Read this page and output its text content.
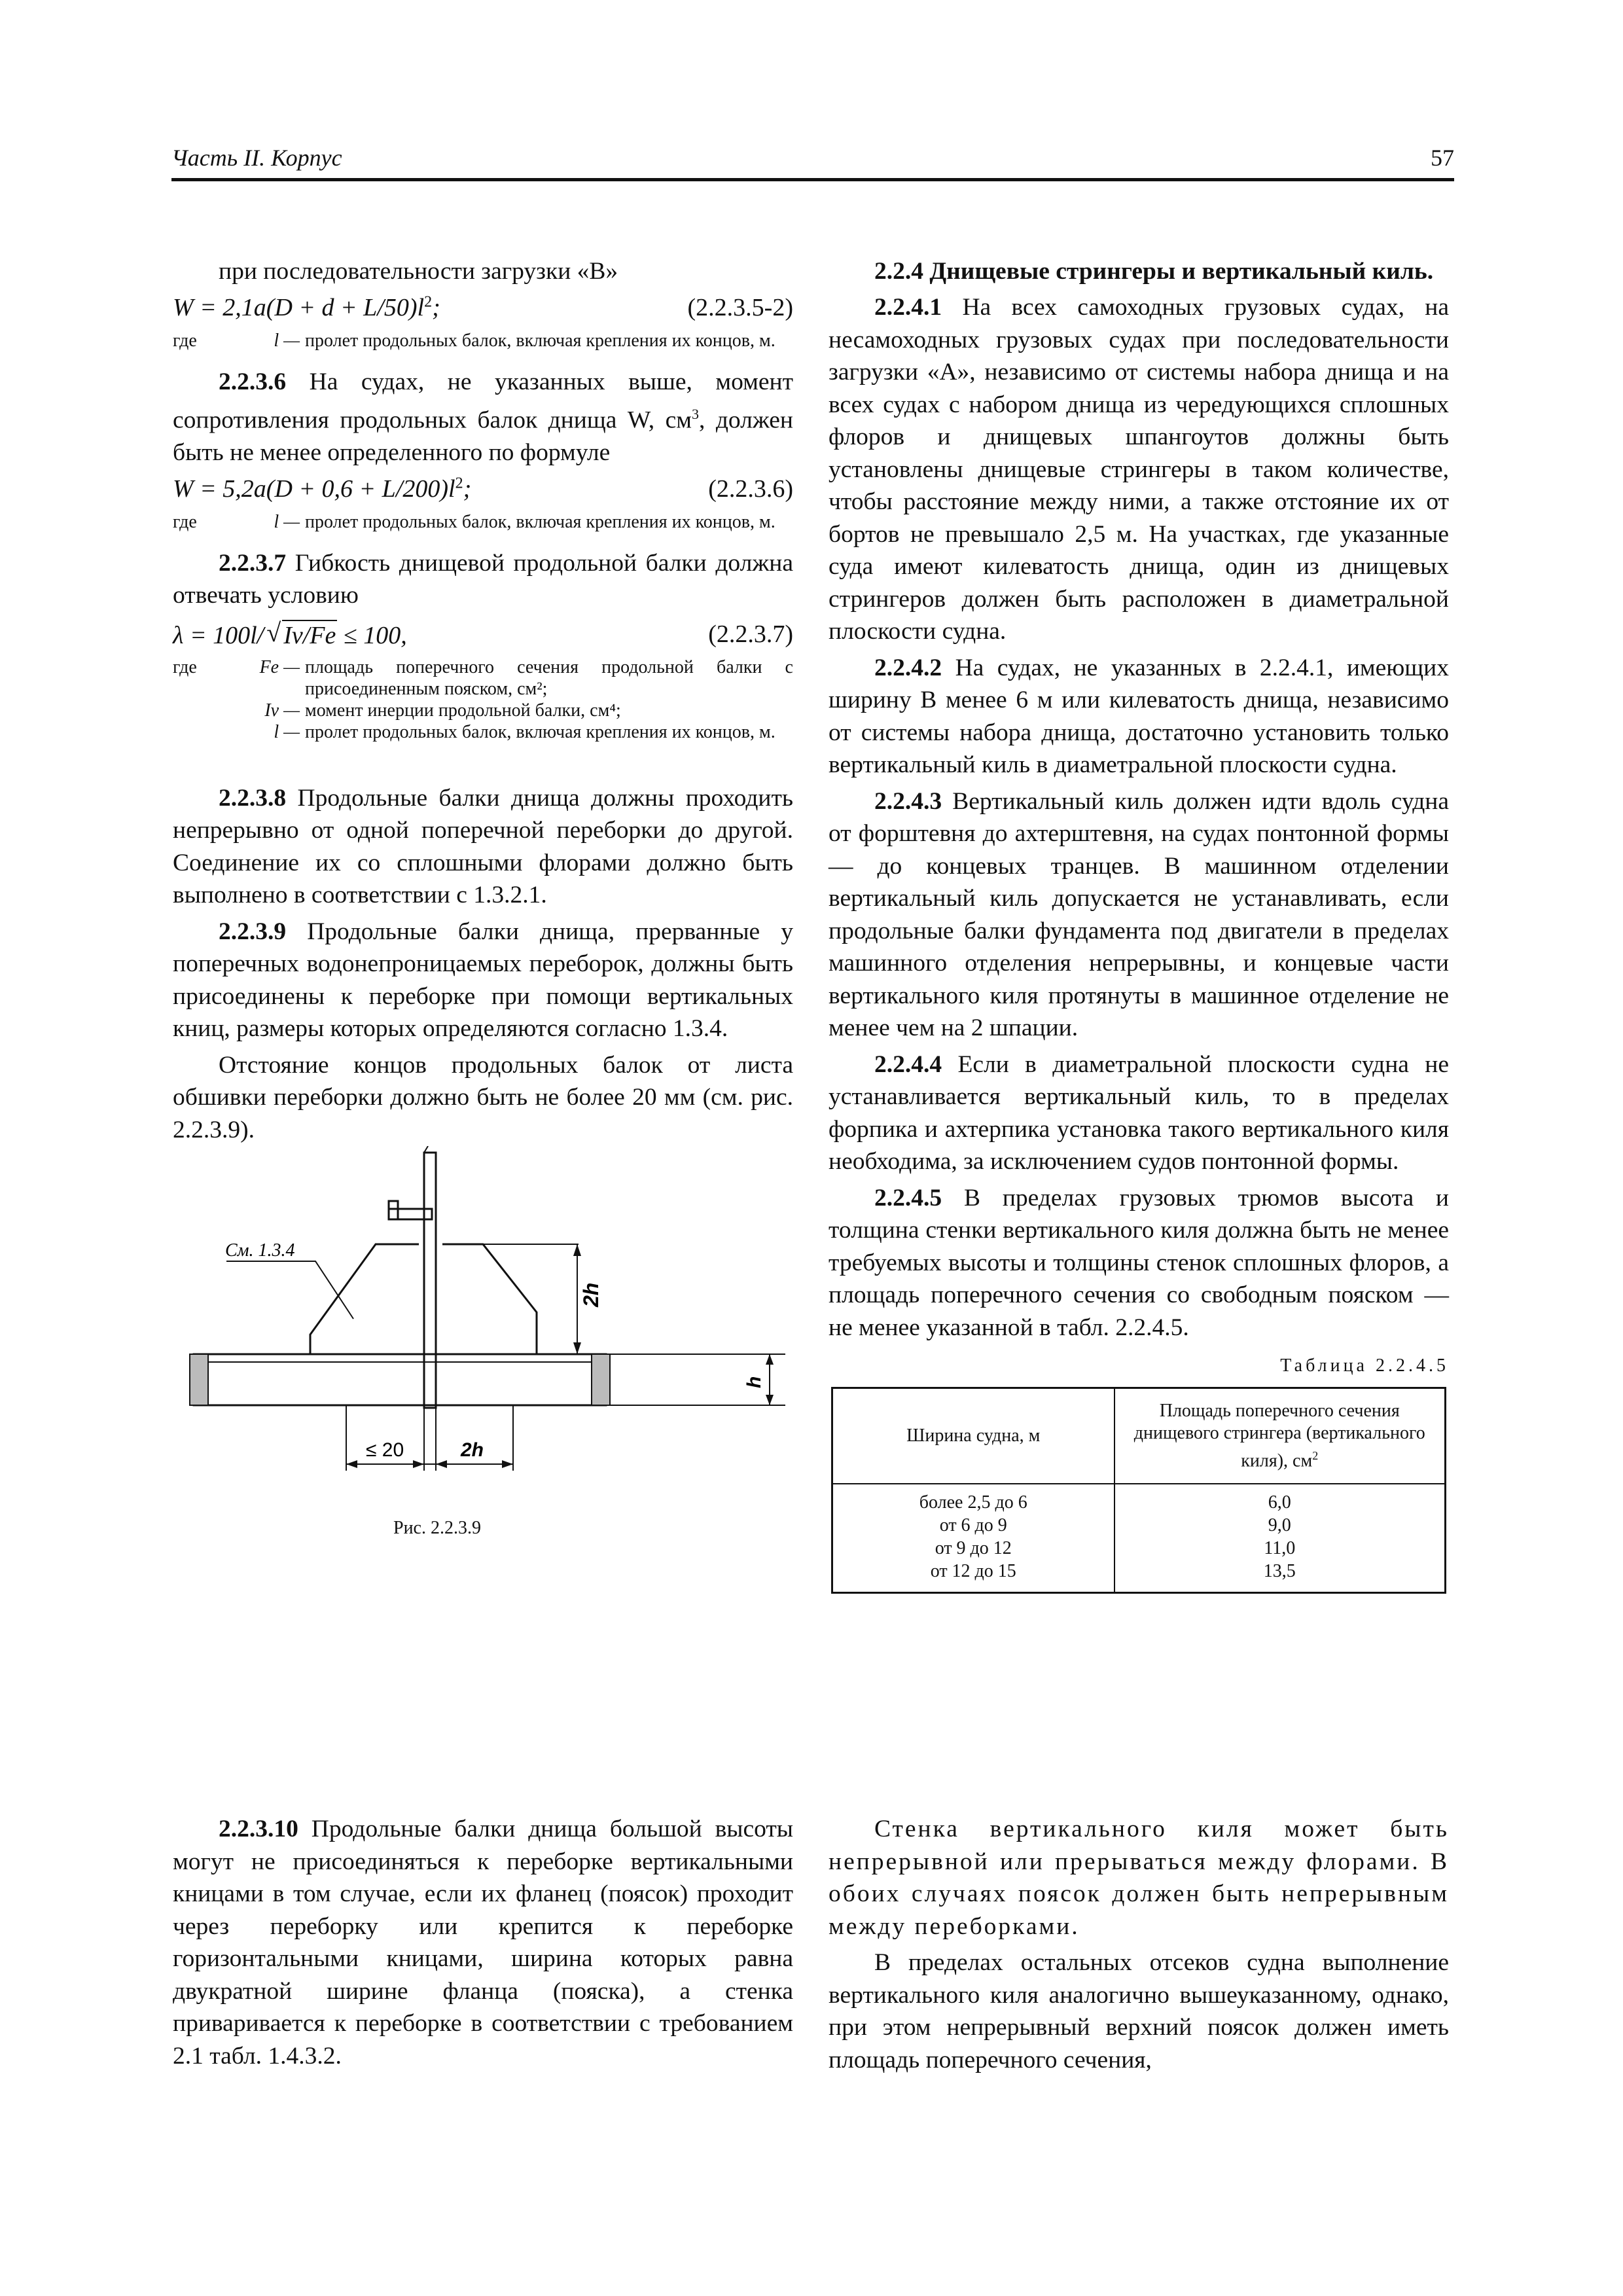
Часть II. Корпус	57

при последовательности загрузки «В»

$W = 2,1a(D + d + L/50)l^2$;	(2.2.3.5-2)
где	l — пролет продольных балок, включая крепления их концов, м.

2.2.3.6 На судах, не указанных выше, момент сопротивления продольных балок днища W, $см^3$, должен быть не менее определенного по формуле

$W = 5,2a(D + 0,6 + L/200)l^2$;	(2.2.3.6)
где	l — пролет продольных балок, включая крепления их концов, м.

2.2.3.7 Гибкость днищевой продольной балки должна отвечать условию

λ = 100l/ √ Iv/Fe ≤ 100,	(2.2.3.7)
где	Fe — площадь поперечного сечения продольной балки с присоединенным пояском, см²;
Iv — момент инерции продольной балки, см⁴;
l — пролет продольных балок, включая крепления их концов, м.

2.2.3.8 Продольные балки днища должны проходить непрерывно от одной поперечной переборки до другой. Соединение их со сплошными флорами должно быть выполнено в соответствии с 1.3.2.1.

2.2.3.9 Продольные балки днища, прерванные у поперечных водонепроницаемых переборок, должны быть присоединены к переборке при помощи вертикальных книц, размеры которых определяются согласно 1.3.4.

Отстояние концов продольных балок от листа обшивки переборки должно быть не более 20 мм (см. рис. 2.2.3.9).

См. 1.3.4
2h
h
≤ 20	2h
Рис. 2.2.3.9

2.2.3.10 Продольные балки днища большой высоты могут не присоединяться к переборке вертикальными кницами в том случае, если их фланец (поясок) проходит через переборку или крепится к переборке горизонтальными кницами, ширина которых равна двукратной ширине фланца (пояска), а стенка приваривается к переборке в соответствии с требованием 2.1 табл. 1.4.3.2.

2.2.4 Днищевые стрингеры и вертикальный киль.

2.2.4.1 На всех самоходных грузовых судах, на несамоходных грузовых судах при последовательности загрузки «А», независимо от системы набора днища и на всех судах с набором днища из чередующихся сплошных флоров и днищевых шпангоутов должны быть установлены днищевые стрингеры в таком количестве, чтобы расстояние между ними, а также отстояние их от бортов не превышало 2,5 м. На участках, где указанные суда имеют килеватость днища, один из днищевых стрингеров должен быть расположен в диаметральной плоскости судна.

2.2.4.2 На судах, не указанных в 2.2.4.1, имеющих ширину B менее 6 м или килеватость днища, независимо от системы набора днища, достаточно установить только вертикальный киль в диаметральной плоскости судна.

2.2.4.3 Вертикальный киль должен идти вдоль судна от форштевня до ахтерштевня, на судах понтонной формы — до концевых транцев. В машинном отделении вертикальный киль допускается не устанавливать, если продольные балки фундамента под двигатели в пределах машинного отделения непрерывны, и концевые части вертикального киля протянуты в машинное отделение не менее чем на 2 шпации.

2.2.4.4 Если в диаметральной плоскости судна не устанавливается вертикальный киль, то в пределах форпика и ахтерпика установка такого вертикального киля необходима, за исключением судов понтонной формы.

2.2.4.5 В пределах грузовых трюмов высота и толщина стенки вертикального киля должна быть не менее требуемых высоты и толщины стенок сплошных флоров, а площадь поперечного сечения со свободным пояском — не менее указанной в табл. 2.2.4.5.

Таблица 2.2.4.5
Ширина судна, м	Площадь поперечного сечения днищевого стрингера (вертикального киля), $см^2$
более 2,5 до 6	6,0
от 6 до 9	9,0
от 9 до 12	11,0
от 12 до 15	13,5

Стенка вертикального киля может быть непрерывной или прерываться между флорами. В обоих случаях поясок должен быть непрерывным между переборками.

В пределах остальных отсеков судна выполнение вертикального киля аналогично вышеуказанному, однако, при этом непрерывный верхний поясок должен иметь площадь поперечного сечения,
